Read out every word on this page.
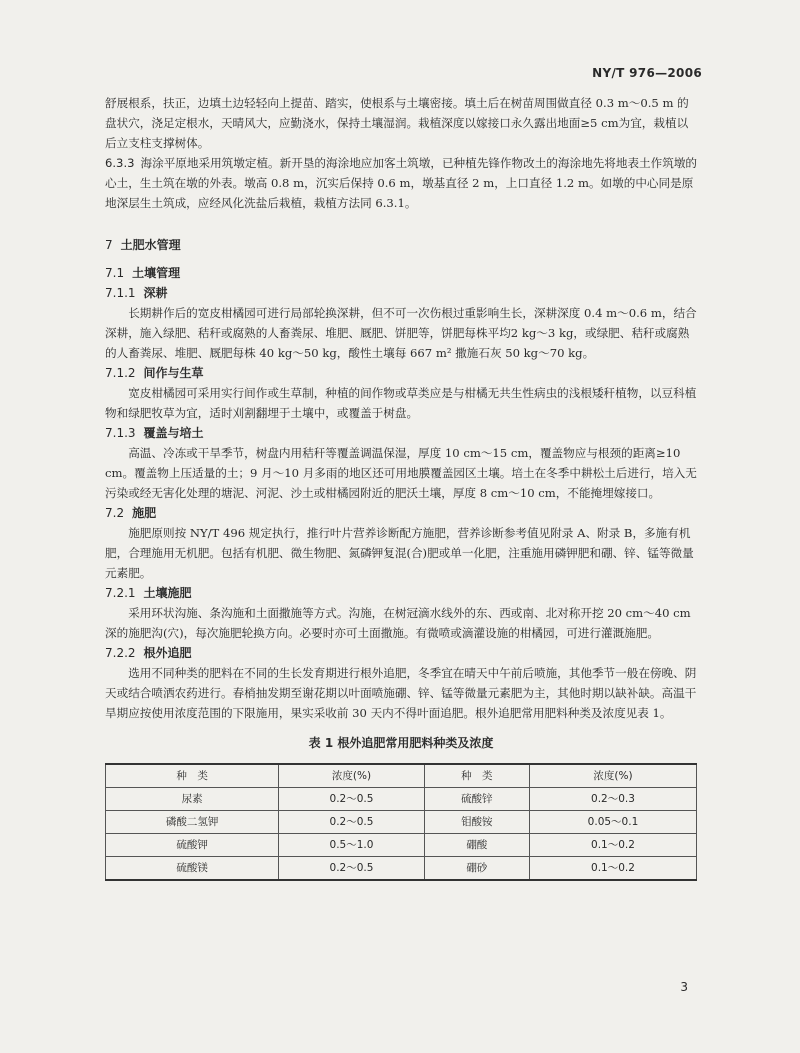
NY/T 976—2006

舒展根系，扶正，边填土边轻轻向上提苗、踏实，使根系与土壤密接。填土后在树苗周围做直径 0.3 m～0.5 m 的盘状穴，浇足定根水，天晴风大，应勤浇水，保持土壤湿润。栽植深度以嫁接口永久露出地面≥5 cm为宜，栽植以后立支柱支撑树体。

6.3.3 海涂平原地采用筑墩定植。新开垦的海涂地应加客土筑墩，已种植先锋作物改土的海涂地先将地表土作筑墩的心土，生土筑在墩的外表。墩高 0.8 m，沉实后保持 0.6 m，墩基直径 2 m，上口直径 1.2 m。如墩的中心同是原地深层生土筑成，应经风化洗盐后栽植，栽植方法同 6.3.1。

7 土肥水管理

7.1 土壤管理

7.1.1 深耕

长期耕作后的宽皮柑橘园可进行局部轮换深耕，但不可一次伤根过重影响生长，深耕深度 0.4 m～0.6 m，结合深耕，施入绿肥、秸秆或腐熟的人畜粪尿、堆肥、厩肥、饼肥等，饼肥每株平均2 kg～3 kg，或绿肥、秸秆或腐熟的人畜粪尿、堆肥、厩肥每株 40 kg～50 kg，酸性土壤每 667 m² 撒施石灰 50 kg～70 kg。

7.1.2 间作与生草

宽皮柑橘园可采用实行间作或生草制，种植的间作物或草类应是与柑橘无共生性病虫的浅根矮秆植物，以豆科植物和绿肥牧草为宜，适时刈割翻埋于土壤中，或覆盖于树盘。

7.1.3 覆盖与培土

高温、冷冻或干旱季节，树盘内用秸秆等覆盖调温保湿，厚度 10 cm～15 cm，覆盖物应与根颈的距离≥10 cm。覆盖物上压适量的土；9 月～10 月多雨的地区还可用地膜覆盖园区土壤。培土在冬季中耕松土后进行，培入无污染或经无害化处理的塘泥、河泥、沙土或柑橘园附近的肥沃土壤，厚度 8 cm～10 cm，不能掩埋嫁接口。

7.2 施肥

施肥原则按 NY/T 496 规定执行，推行叶片营养诊断配方施肥，营养诊断参考值见附录 A、附录 B，多施有机肥，合理施用无机肥。包括有机肥、微生物肥、氮磷钾复混(合)肥或单一化肥，注重施用磷钾肥和硼、锌、锰等微量元素肥。

7.2.1 土壤施肥

采用环状沟施、条沟施和土面撒施等方式。沟施，在树冠滴水线外的东、西或南、北对称开挖 20 cm～40 cm 深的施肥沟(穴)，每次施肥轮换方向。必要时亦可土面撒施。有微喷或滴灌设施的柑橘园，可进行灌溉施肥。

7.2.2 根外追肥

选用不同种类的肥料在不同的生长发育期进行根外追肥，冬季宜在晴天中午前后喷施，其他季节一般在傍晚、阴天或结合喷洒农药进行。春梢抽发期至谢花期以叶面喷施硼、锌、锰等微量元素肥为主，其他时期以缺补缺。高温干旱期应按使用浓度范围的下限施用，果实采收前 30 天内不得叶面追肥。根外追肥常用肥料种类及浓度见表 1。

表 1 根外追肥常用肥料种类及浓度

种　类	浓度(%)	种　类	浓度(%)
尿素	0.2～0.5	硫酸锌	0.2～0.3
磷酸二氢钾	0.2～0.5	钼酸铵	0.05～0.1
硫酸钾	0.5～1.0	硼酸	0.1～0.2
硫酸镁	0.2～0.5	硼砂	0.1～0.2
3
